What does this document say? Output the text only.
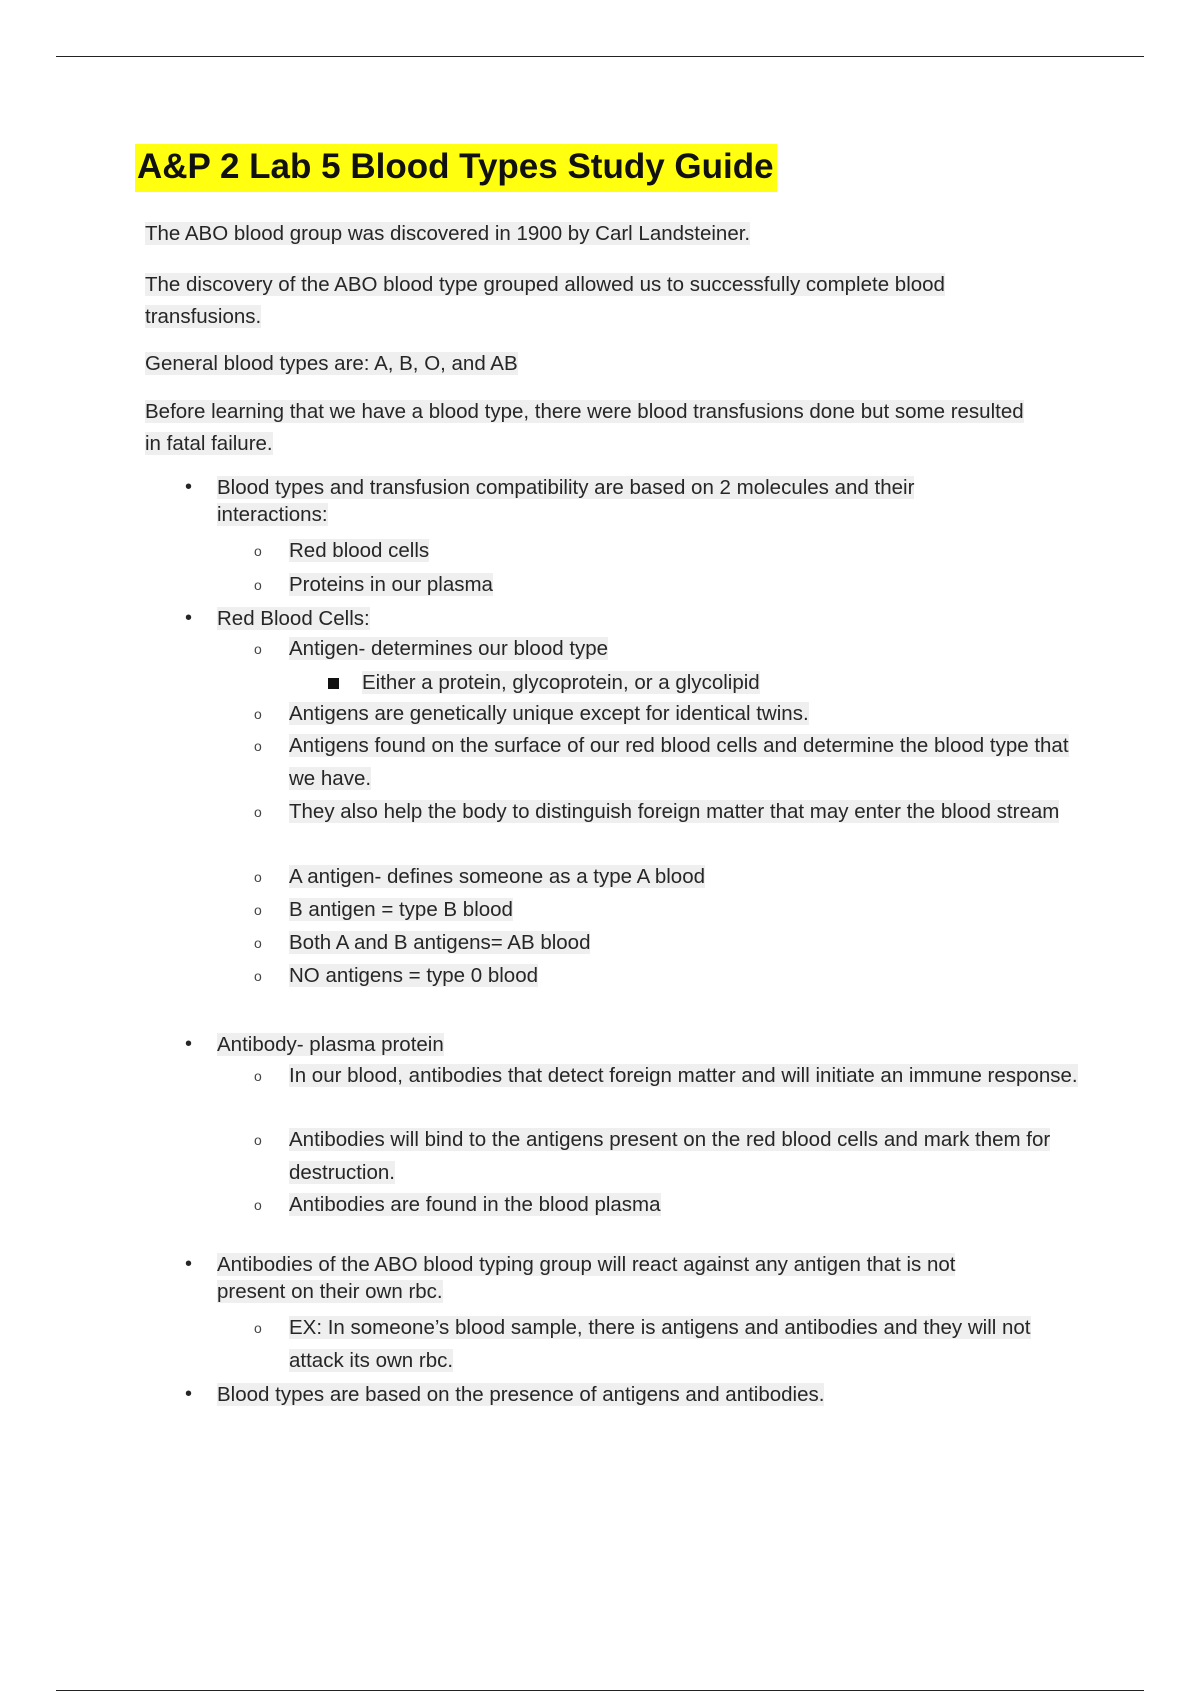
A&P 2 Lab 5 Blood Types Study Guide

The ABO blood group was discovered in 1900 by Carl Landsteiner.

The discovery of the ABO blood type grouped allowed us to successfully complete blood transfusions.

General blood types are: A, B, O, and AB

Before learning that we have a blood type, there were blood transfusions done but some resulted in fatal failure.

• Blood types and transfusion compatibility are based on 2 molecules and their interactions:
o Red blood cells
o Proteins in our plasma
• Red Blood Cells:
o Antigen- determines our blood type
Either a protein, glycoprotein, or a glycolipid
o Antigens are genetically unique except for identical twins.
o Antigens found on the surface of our red blood cells and determine the blood type that we have.
o They also help the body to distinguish foreign matter that may enter the blood stream
o A antigen- defines someone as a type A blood
o B antigen = type B blood
o Both A and B antigens= AB blood
o NO antigens = type 0 blood
• Antibody- plasma protein
o In our blood, antibodies that detect foreign matter and will initiate an immune response.
o Antibodies will bind to the antigens present on the red blood cells and mark them for destruction.
o Antibodies are found in the blood plasma
• Antibodies of the ABO blood typing group will react against any antigen that is not present on their own rbc.
o EX: In someone’s blood sample, there is antigens and antibodies and they will not attack its own rbc.
• Blood types are based on the presence of antigens and antibodies.
